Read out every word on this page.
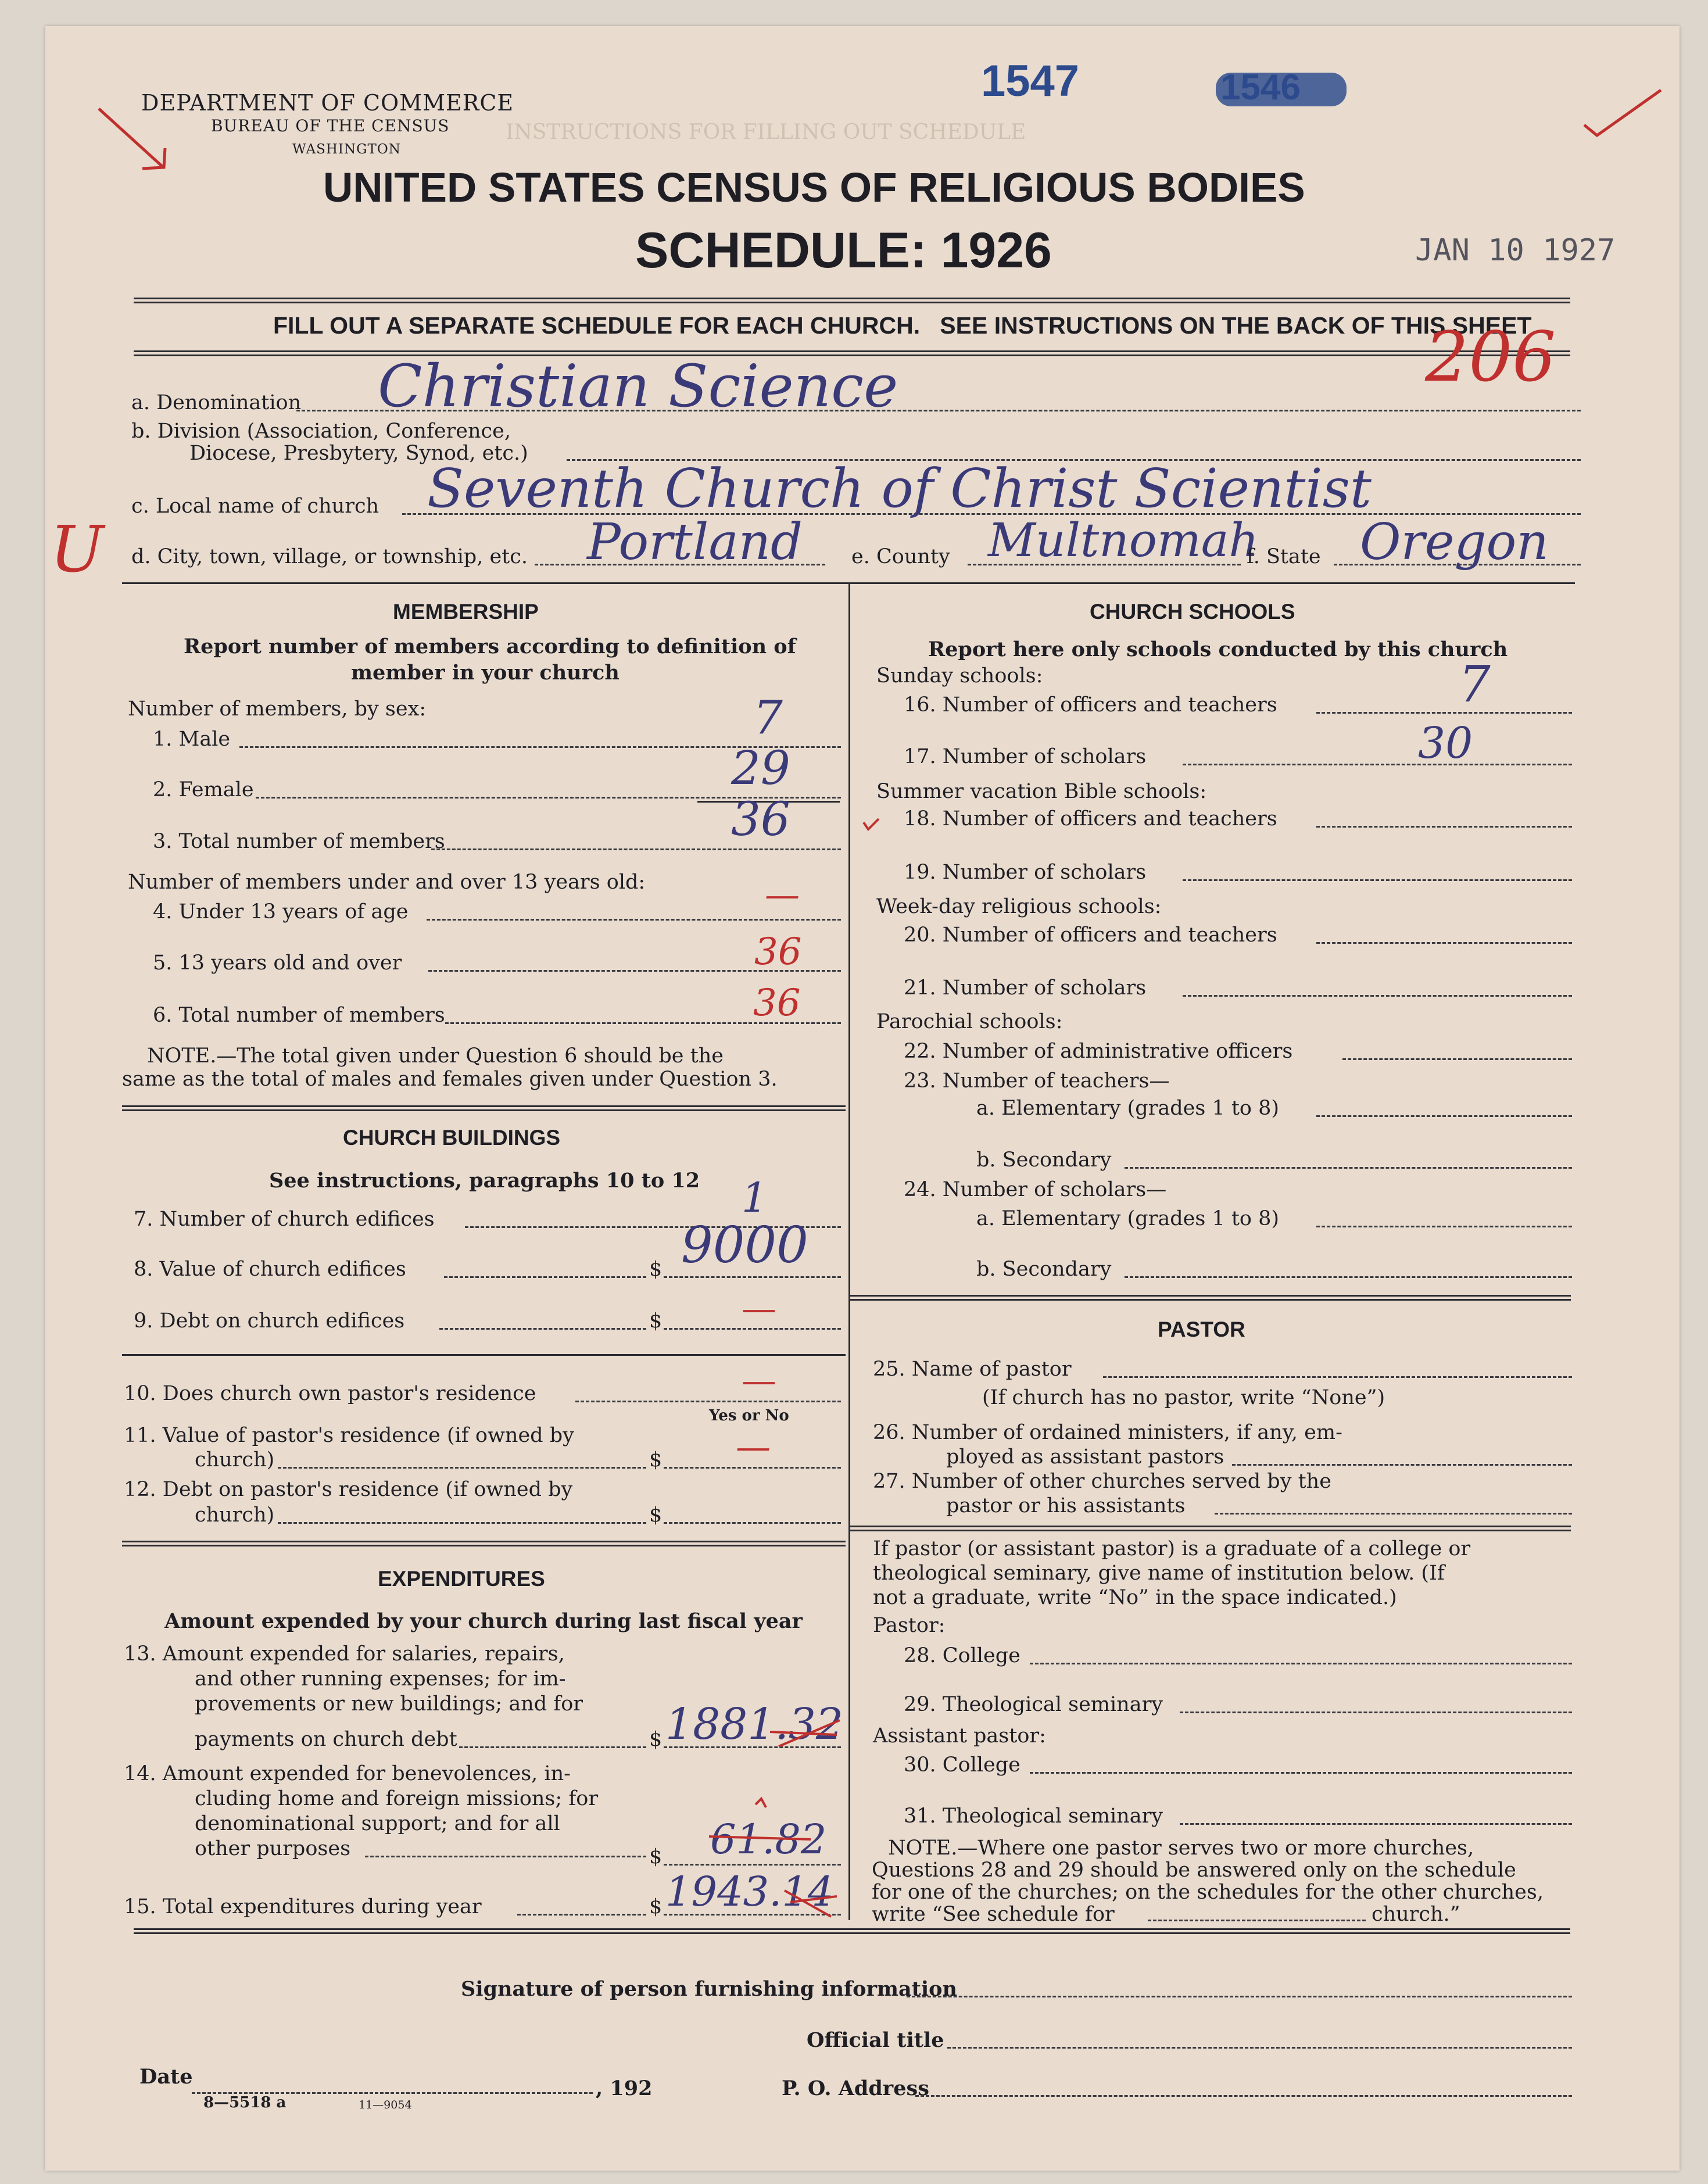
INSTRUCTIONS FOR FILLING OUT SCHEDULE
DEPARTMENT OF COMMERCE
BUREAU OF THE CENSUS
WASHINGTON
1547
UNITED STATES CENSUS OF RELIGIOUS BODIES
SCHEDULE: 1926	JAN 10 1927
FILL OUT A SEPARATE SCHEDULE FOR EACH CHURCH.   SEE INSTRUCTIONS ON THE BACK OF THIS SHEET
206
a. Denomination Christian Science
b. Division (Association, Conference,
Diocese, Presbytery, Synod, etc.)
c. Local name of church Seventh Church of Christ Scientist
U d. City, town, village, or township, etc. Portland e. County Multnomah
f. State Oregon
MEMBERSHIP
Report number of members according to definition of
member in your church
Number of members, by sex:
1. Male	7
2. Female	29
3. Total number of members	36
Number of members under and over 13 years old:
4. Under 13 years of age	—
5. 13 years old and over	36
6. Total number of members	36
NOTE.—The total given under Question 6 should be the
same as the total of males and females given under Question 3.
CHURCH BUILDINGS
See instructions, paragraphs 10 to 12
7. Number of church edifices	1
8. Value of church edifices	$ 9000
9. Debt on church edifices	$ —
10. Does church own pastor's residence
Yes or No
—
11. Value of pastor's residence (if owned by
church)	$ —
12. Debt on pastor's residence (if owned by
church)	$
EXPENDITURES
Amount expended by your church during last fiscal year
13. Amount expended for salaries, repairs,
and other running expenses; for im-
provements or new buildings; and for
payments on church debt	$ 1881.32
14. Amount expended for benevolences, in-
cluding home and foreign missions; for
denominational support; and for all
other purposes	$ 61.82
15. Total expenditures during year	$ 1943.14
CHURCH SCHOOLS
Report here only schools conducted by this church
Sunday schools:
16. Number of officers and teachers	7
17. Number of scholars	30
Summer vacation Bible schools:
18. Number of officers and teachers
19. Number of scholars
Week-day religious schools:
20. Number of officers and teachers
21. Number of scholars
Parochial schools:
22. Number of administrative officers
23. Number of teachers—
a. Elementary (grades 1 to 8)
b. Secondary
24. Number of scholars—
a. Elementary (grades 1 to 8)
b. Secondary
PASTOR
25. Name of pastor
(If church has no pastor, write “None”)
26. Number of ordained ministers, if any, em-
ployed as assistant pastors
27. Number of other churches served by the
pastor or his assistants
If pastor (or assistant pastor) is a graduate of a college or
theological seminary, give name of institution below. (If
not a graduate, write “No” in the space indicated.)
Pastor:
28. College
29. Theological seminary
Assistant pastor:
30. College
31. Theological seminary
NOTE.—Where one pastor serves two or more churches,
Questions 28 and 29 should be answered only on the schedule
for one of the churches; on the schedules for the other churches,
write “See schedule for	church.”
Signature of person furnishing information
Official title
Date	, 192	P. O. Address
8—5518 a	11—9054
